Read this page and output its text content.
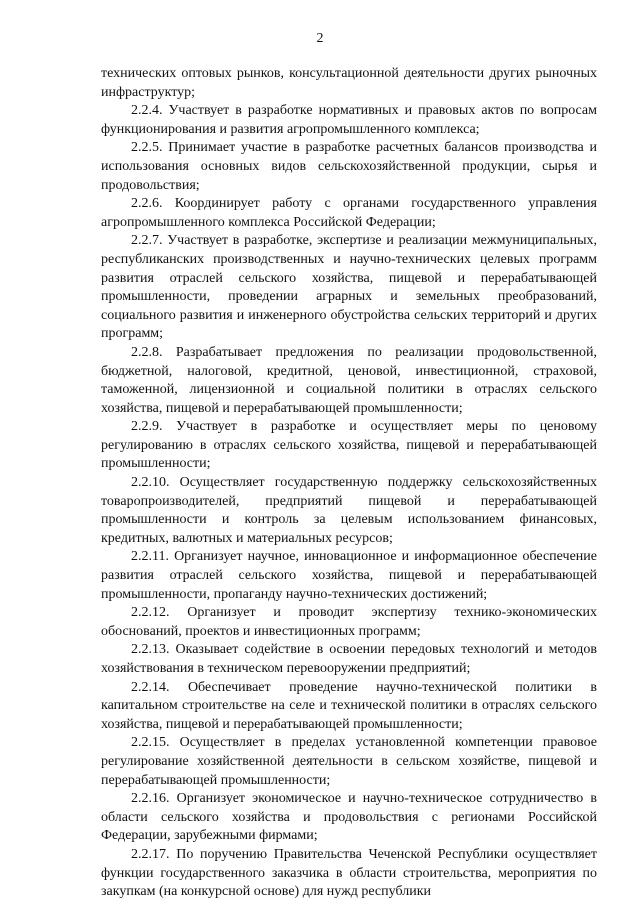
2

технических оптовых рынков, консультационной деятельности других рыночных инфраструктур;

2.2.4. Участвует в разработке нормативных и правовых актов по вопросам функционирования и развития агропромышленного комплекса;

2.2.5. Принимает участие в разработке расчетных балансов производства и использования основных видов сельскохозяйственной продукции, сырья и продовольствия;

2.2.6. Координирует работу с органами государственного управления агропромышленного комплекса Российской Федерации;

2.2.7. Участвует в разработке, экспертизе и реализации межмуниципальных, республиканских производственных и научно-технических целевых программ развития отраслей сельского хозяйства, пищевой и перерабатывающей промышленности, проведении аграрных и земельных преобразований, социального развития и инженерного обустройства сельских территорий и других программ;

2.2.8. Разрабатывает предложения по реализации продовольственной, бюджетной, налоговой, кредитной, ценовой, инвестиционной, страховой, таможенной, лицензионной и социальной политики в отраслях сельского хозяйства, пищевой и перерабатывающей промышленности;

2.2.9. Участвует в разработке и осуществляет меры по ценовому регулированию в отраслях сельского хозяйства, пищевой и перерабатывающей промышленности;

2.2.10. Осуществляет государственную поддержку сельскохозяйственных товаропроизводителей, предприятий пищевой и перерабатывающей промышленности и контроль за целевым использованием финансовых, кредитных, валютных и материальных ресурсов;

2.2.11. Организует научное, инновационное и информационное обеспечение развития отраслей сельского хозяйства, пищевой и перерабатывающей промышленности, пропаганду научно-технических достижений;

2.2.12. Организует и проводит экспертизу технико-экономических обоснований, проектов и инвестиционных программ;

2.2.13. Оказывает содействие в освоении передовых технологий и методов хозяйствования в техническом перевооружении предприятий;

2.2.14. Обеспечивает проведение научно-технической политики в капитальном строительстве на селе и технической политики в отраслях сельского хозяйства, пищевой и перерабатывающей промышленности;

2.2.15. Осуществляет в пределах установленной компетенции правовое регулирование хозяйственной деятельности в сельском хозяйстве, пищевой и перерабатывающей промышленности;

2.2.16. Организует экономическое и научно-техническое сотрудничество в области сельского хозяйства и продовольствия с регионами Российской Федерации, зарубежными фирмами;

2.2.17. По поручению Правительства Чеченской Республики осуществляет функции государственного заказчика в области строительства, мероприятия по закупкам (на конкурсной основе) для нужд республики
